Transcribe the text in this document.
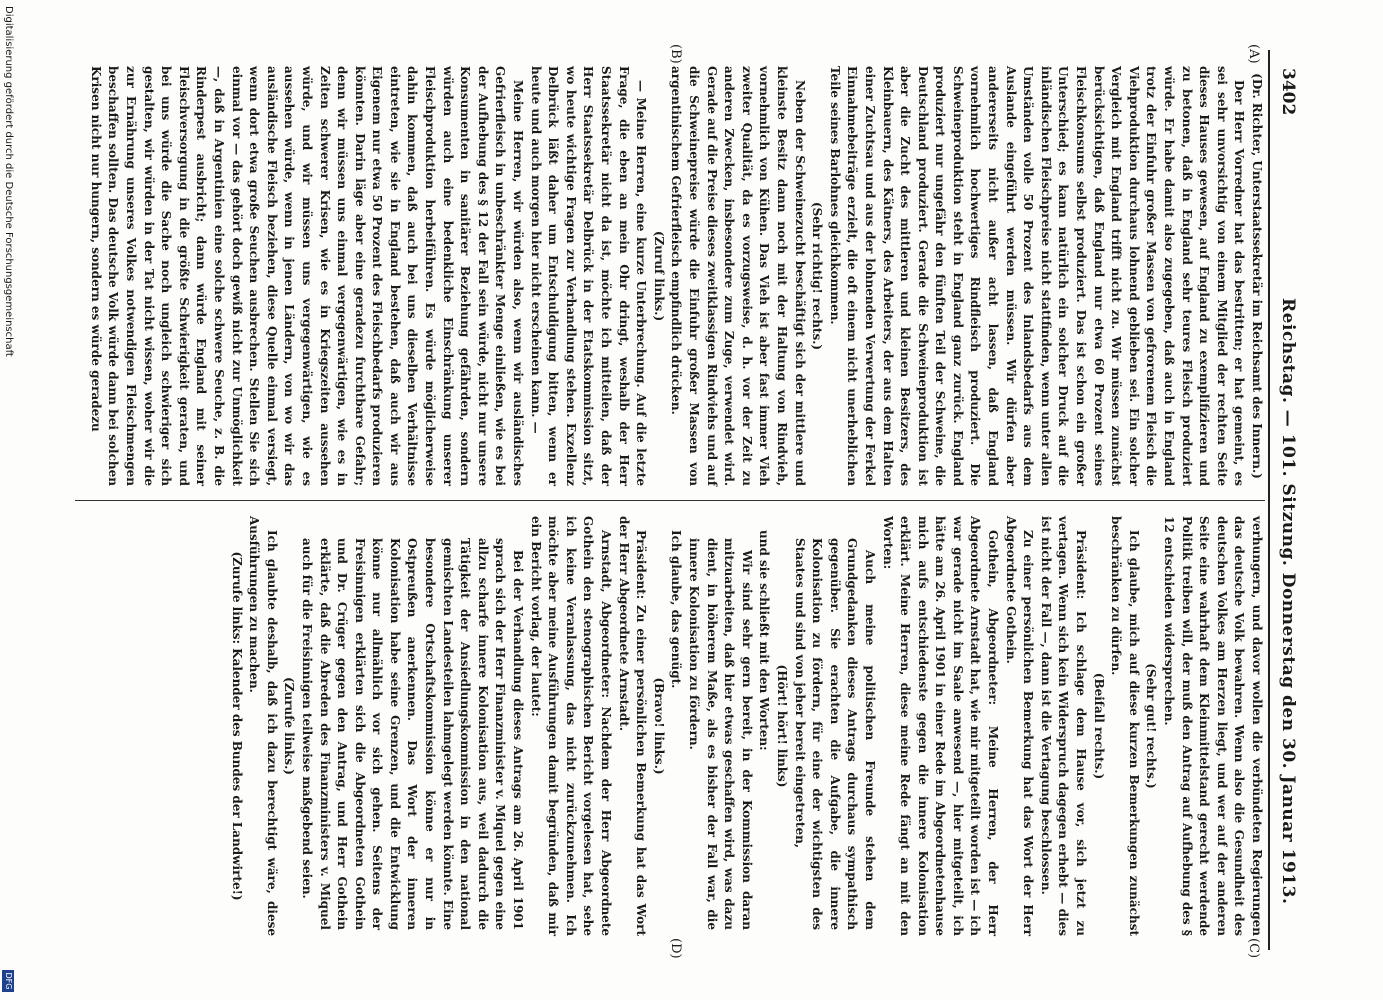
3402
Reichstag. — 101. Sitzung. Donnerstag den 30. Januar 1913.
(A)
(B)
(C)
(D)

(Dr. Richter, Unterstaatssekretär im Reichsamt des Innern.)

Der Herr Vorredner hat das bestritten; er hat gemeint, es sei sehr unvorsichtig von einem Mitglied der rechten Seite dieses Hauses gewesen, auf England zu exemplifizieren und zu betonen, daß in England sehr teures Fleisch produziert würde. Er habe damit also zugegeben, daß auch in England trotz der Einfuhr großer Massen von gefrorenem Fleisch die Viehproduktion durchaus lohnend geblieben sei. Ein solcher Vergleich mit England trifft nicht zu. Wir müssen zunächst berücksichtigen, daß England nur etwa 60 Prozent seines Fleischkonsums selbst produziert. Das ist schon ein großer Unterschied; es kann natürlich ein solcher Druck auf die inländischen Fleischpreise nicht stattfinden, wenn unter allen Umständen volle 50 Prozent des Inlandsbedarfs aus dem Auslande eingeführt werden müssen. Wir dürfen aber andererseits nicht außer acht lassen, daß England vornehmlich hochwertiges Rindfleisch produziert. Die Schweineproduktion steht in England ganz zurück. England produziert nur ungefähr den fünften Teil der Schweine, die Deutschland produziert. Gerade die Schweineproduktion ist aber die Zucht des mittleren und kleinen Besitzers, des Kleinbauern, des Kätners, des Arbeiters, der aus dem Halten einer Zuchtsau und aus der lohnenden Verwertung der Ferkel Einnahmebeiträge erzielt, die oft einem nicht unerheblichen Teile seines Barlohnes gleichkommen.

(Sehr richtig! rechts.)

Neben der Schweinezucht beschäftigt sich der mittlere und kleinste Besitz dann noch mit der Haltung von Rindvieh, vornehmlich von Kühen. Das Vieh ist aber fast immer Vieh zweiter Qualität, da es vorzugsweise, d. h. vor der Zeit zu anderen Zwecken, insbesondere zum Zuge, verwendet wird. Gerade auf die Preise dieses zweitklassigen Rindviehs und auf die Schweinepreise würde die Einfuhr großer Massen von argentinischem Gefrierfleisch empfindlich drücken.

(Zuruf links.)

— Meine Herren, eine kurze Unterbrechung. Auf die letzte Frage, die eben an mein Ohr dringt, weshalb der Herr Staatssekretär nicht da ist, möchte ich mitteilen, daß der Herr Staatssekretär Delbrück in der Etatskommission sitzt, wo heute wichtige Fragen zur Verhandlung stehen. Exzellenz Delbrück läßt daher um Entschuldigung bitten, wenn er heute und auch morgen hier nicht erscheinen kann. —

Meine Herren, wir würden also, wenn wir ausländisches Gefrierfleisch in unbeschränkter Menge einließen, wie es bei der Aufhebung des § 12 der Fall sein würde, nicht nur unsere Konsumenten in sanitärer Beziehung gefährden, sondern würden auch eine bedenkliche Einschränkung unserer Fleischproduktion herbeiführen. Es würde möglicherweise dahin kommen, daß auch bei uns dieselben Verhältnisse eintreten, wie sie in England bestehen, daß auch wir aus Eigenem nur etwa 50 Prozent des Fleischbedarfs produzieren könnten. Darin läge aber eine geradezu furchtbare Gefahr; denn wir müssen uns einmal vergegenwärtigen, wie es in Zeiten schwerer Krisen, wie es in Kriegszeiten aussehen würde, und wir müssen uns vergegenwärtigen, wie es aussehen würde, wenn in jenen Ländern, von wo wir das ausländische Fleisch beziehen, diese Quelle einmal versiegt, wenn dort etwa große Seuchen ausbrechen. Stellen Sie sich einmal vor — das gehört doch gewiß nicht zur Unmöglichkeit —, daß in Argentinien eine solche schwere Seuche, z. B. die Rinderpest ausbricht; dann würde England mit seiner Fleischversorgung in die größte Schwierigkeit geraten, und bei uns würde die Sache noch ungleich schwieriger sich gestalten, wir würden in der Tat nicht wissen, woher wir die zur Ernährung unseres Volkes notwendigen Fleischmengen beschaffen sollten. Das deutsche Volk würde dann bei solchen Krisen nicht nur hungern, sondern es würde geradezu

verhungern, und davor wollen die verbündeten Regierungen das deutsche Volk bewahren. Wenn also die Gesundheit des deutschen Volkes am Herzen liegt, und wer auf der anderen Seite eine wahrhaft dem Kleinmittelstand gerecht werdende Politik treiben will, der muß den Antrag auf Aufhebung des § 12 entschieden widersprechen.

(Sehr gut! rechts.)

Ich glaube, mich auf diese kurzen Bemerkungen zunächst beschränken zu dürfen.

(Beifall rechts.)

Präsident: Ich schlage dem Hause vor, sich jetzt zu vertagen. Wenn sich kein Widerspruch dagegen erhebt — dies ist nicht der Fall —, dann ist die Vertagung beschlossen.

Zu einer persönlichen Bemerkung hat das Wort der Herr Abgeordnete Gothein.

Gothein, Abgeordneter: Meine Herren, der Herr Abgeordnete Arnstadt hat, wie mir mitgeteilt worden ist — ich war gerade nicht im Saale anwesend —, hier mitgeteilt, ich hätte am 26. April 1901 in einer Rede im Abgeordnetenhause mich aufs entschiedenste gegen die innere Kolonisation erklärt. Meine Herren, diese meine Rede fängt an mit den Worten:

Auch meine politischen Freunde stehen dem Grundgedanken dieses Antrags durchaus sympathisch gegenüber. Sie erachten die Aufgabe, die innere Kolonisation zu fördern, für eine der wichtigsten des Staates und sind von jeher bereit eingetreten,

(Hört! hört! links)

und sie schließt mit den Worten:

Wir sind sehr gern bereit, in der Kommission daran mitzuarbeiten, daß hier etwas geschaffen wird, was dazu dient, in höherem Maße, als es bisher der Fall war, die innere Kolonisation zu fördern.

Ich glaube, das genügt.

(Bravo! links.)

Präsident: Zu einer persönlichen Bemerkung hat das Wort der Herr Abgeordnete Arnstadt.

Arnstadt, Abgeordneter: Nachdem der Herr Abgeordnete Gothein den stenographischen Bericht vorgelesen hat, sehe ich keine Veranlassung, das nicht zurückzunehmen. Ich möchte aber meine Ausführungen damit begründen, daß mir ein Bericht vorlag, der lautet:

Bei der Verhandlung dieses Antrags am 26. April 1901 sprach sich der Herr Finanzminister v. Miquel gegen eine allzu scharfe innere Kolonisation aus, weil dadurch die Tätigkeit der Ansiedlungskommission in den national gemischten Landesteilen lahmgelegt werden könnte. Eine besondere Ortschaftskommission könne er nur in Ostpreußen anerkennen. Das Wort der inneren Kolonisation habe seine Grenzen, und die Entwicklung könne nur allmählich vor sich gehen. Seitens der Freisinnigen erklärten sich die Abgeordneten Gothein und Dr. Crüger gegen den Antrag, und Herr Gothein erklärte, daß die Abreden des Finanzministers v. Miquel auch für die Freisinnigen teilweise maßgebend seien.

(Zurufe links.)

Ich glaubte deshalb, daß ich dazu berechtigt wäre, diese Ausführungen zu machen.

(Zurufe links: Kalender des Bundes der Landwirte!)

Digitalisierung gefördert durch die Deutsche Forschungsgemeinschaft
DFG
